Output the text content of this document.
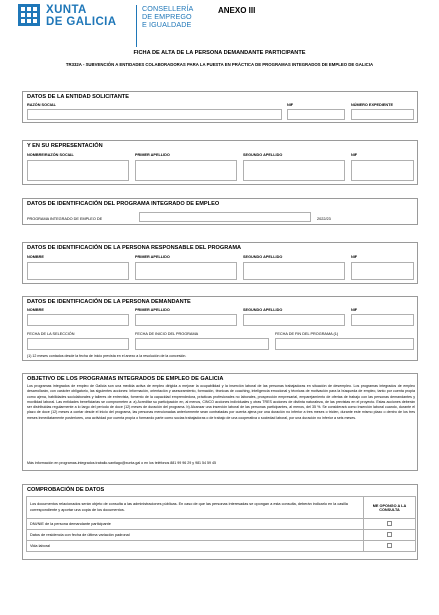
XUNTA
DE GALICIA
CONSELLERÍA
DE EMPREGO
E IGUALDADE
ANEXO III
FICHA DE ALTA DE LA PERSONA DEMANDANTE PARTICIPANTE
TR332A - SUBVENCIÓN A ENTIDADES COLABORADORAS PARA LA PUESTA EN PRÁCTICA DE PROGRAMAS INTEGRADOS DE EMPLEO DE GALICIA
DATOS DE LA ENTIDAD SOLICITANTE
RAZÓN SOCIAL	NIF	NÚMERO EXPEDIENTE
Y EN SU REPRESENTACIÓN
NOMBRE/RAZÓN SOCIAL	PRIMER APELLIDO	SEGUNDO APELLIDO	NIF
DATOS DE IDENTIFICACIÓN DEL PROGRAMA INTEGRADO DE EMPLEO
PROGRAMA INTEGRADO DE EMPLEO DE	2022/23
DATOS DE IDENTIFICACIÓN DE LA PERSONA RESPONSABLE DEL PROGRAMA
NOMBRE	PRIMER APELLIDO	SEGUNDO APELLIDO	NIF
DATOS DE IDENTIFICACIÓN DE LA PERSONA DEMANDANTE
NOMBRE	PRIMER APELLIDO	SEGUNDO APELLIDO	NIF
FECHA DE LA SELECCIÓN	FECHA DE INICIO DEL PROGRAMA	FECHA DE FIN DEL PROGRAMA (1)
(1) 12 meses contados desde la fecha de inicio prevista en el anexo a la resolución de la concesión.
OBJETIVO DE LOS PROGRAMAS INTEGRADOS DE EMPLEO DE GALICIA
Los programas integrados de empleo de Galicia son una medida activa de empleo dirigida a mejorar la ocupabilidad y la inserción laboral de las personas trabajadoras en situación de desempleo. Los programas integrados de empleo desarrollarán, con carácter obligatorio, las siguientes acciones: información, orientación y asesoramiento, formación, técnicas de coaching, inteligencia emocional y técnicas de motivación para la búsqueda de empleo, tanto por cuenta propia como ajena, habilidades sociolaborales y talleres de entrevista, fomento de la capacidad emprendedora, prácticas profesionales no laborales, prospección empresarial, emparejamiento de ofertas de trabajo con las personas demandantes y movilidad laboral. Las entidades beneficiarias se comprometen a: a) Acreditar su participación en, al menos, CINCO acciones individuales y otras TRES acciones de distinta naturaleza, de las previstas en el proyecto. Estas acciones deberán ser distribuidas regularmente a lo largo del período de doce (12) meses de duración del programa. b) Alcanzar una inserción laboral de las personas participantes, al menos, del 35 %. Se considerará como inserción laboral cuando, durante el plazo de doce (12) meses a contar desde el inicio del programa, las personas mencionadas anteriormente sean contratadas por cuenta ajena por una duración no inferior a tres meses o triclen, durante este mismo plazo o dentro de los tres meses inmediatamente posteriores, una actividad por cuenta propia o formando parte como socias trabajadoras o de trabajo de una cooperativa o sociedad laboral, por una duración no inferior a seis meses.
Más información en programas-integrados.traballo.santiago@xunta.gal o en los teléfonos 881 99 96 29 y 981 54 59 45
COMPROBACIÓN DE DATOS
Los documentos relacionados serán objeto de consulta a las administraciones públicas. En caso de que las personas interesadas se opongan a esta consulta, deberán indicarlo en la casilla correspondiente y aportar una copia de los documentos.	ME OPONGO A LA CONSULTA
DNI/NIE de la persona demandante participante	
Datos de residencia con fecha de última variación padronal	
Vida laboral	
